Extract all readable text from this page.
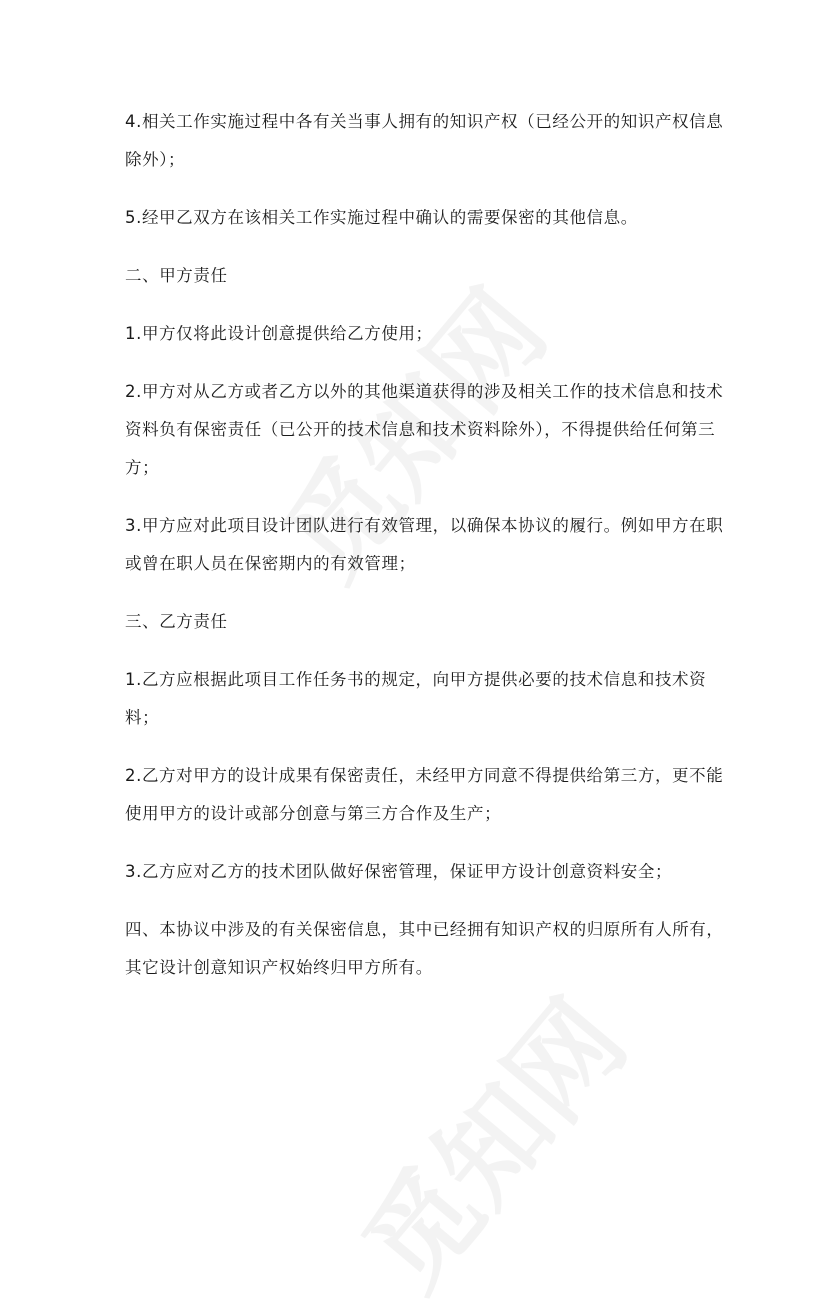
4.相关工作实施过程中各有关当事人拥有的知识产权（已经公开的知识产权信息除外）；

5.经甲乙双方在该相关工作实施过程中确认的需要保密的其他信息。

二、甲方责任

1.甲方仅将此设计创意提供给乙方使用；

2.甲方对从乙方或者乙方以外的其他渠道获得的涉及相关工作的技术信息和技术资料负有保密责任（已公开的技术信息和技术资料除外），不得提供给任何第三方；

3.甲方应对此项目设计团队进行有效管理，以确保本协议的履行。例如甲方在职或曾在职人员在保密期内的有效管理；

三、乙方责任

1.乙方应根据此项目工作任务书的规定，向甲方提供必要的技术信息和技术资料；

2.乙方对甲方的设计成果有保密责任，未经甲方同意不得提供给第三方，更不能使用甲方的设计或部分创意与第三方合作及生产；

3.乙方应对乙方的技术团队做好保密管理，保证甲方设计创意资料安全；

四、本协议中涉及的有关保密信息，其中已经拥有知识产权的归原所有人所有，其它设计创意知识产权始终归甲方所有。
